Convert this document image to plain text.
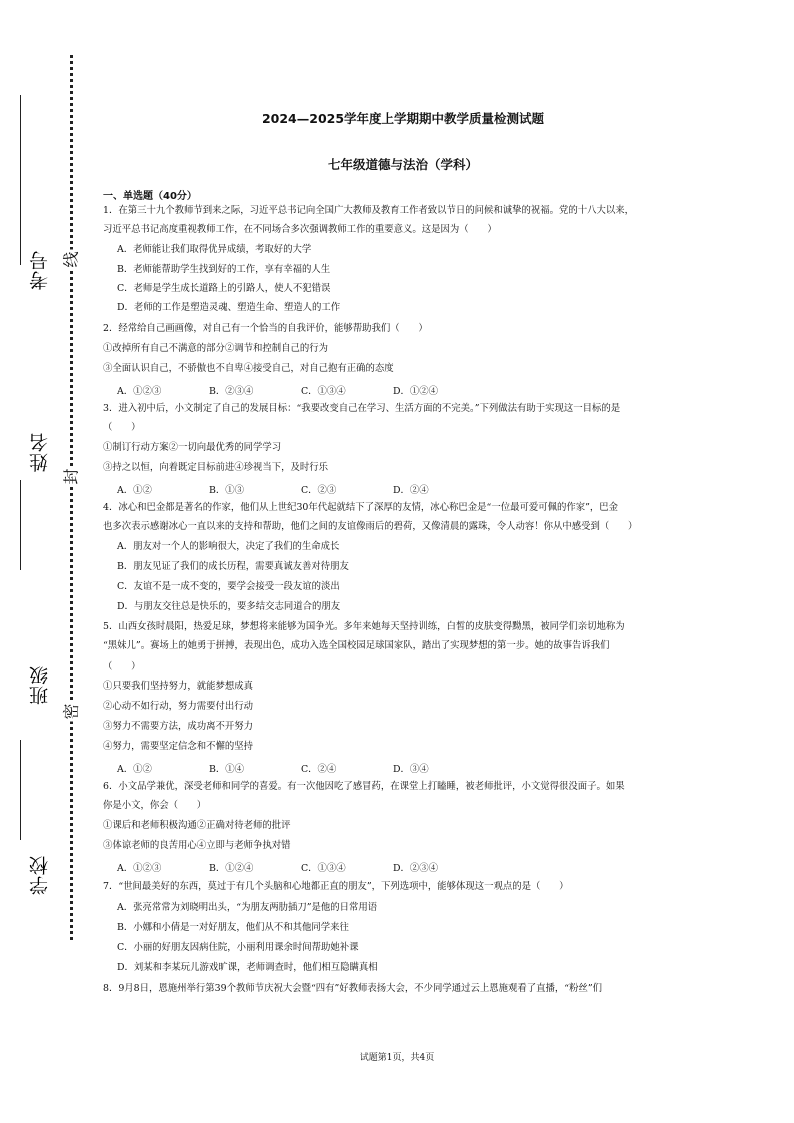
考号
姓名
班级
学校
线
封
密
2024—2025学年度上学期期中教学质量检测试题
七年级道德与法治（学科）
一、单选题（40分）
1．在第三十九个教师节到来之际，习近平总书记向全国广大教师及教育工作者致以节日的问候和诚挚的祝福。党的十八大以来，
习近平总书记高度重视教师工作，在不同场合多次强调教师工作的重要意义。这是因为（　　）
A．老师能让我们取得优异成绩，考取好的大学
B．老师能帮助学生找到好的工作，享有幸福的人生
C．老师是学生成长道路上的引路人，使人不犯错误
D．老师的工作是塑造灵魂、塑造生命、塑造人的工作
2．经常给自己画画像，对自己有一个恰当的自我评价，能够帮助我们（　　）
①改掉所有自己不满意的部分②调节和控制自己的行为
③全面认识自己，不骄傲也不自卑④接受自己，对自己抱有正确的态度
A．①②③	B．②③④	C．①③④	D．①②④
3．进入初中后，小文制定了自己的发展目标：“我要改变自己在学习、生活方面的不完美。”下列做法有助于实现这一目标的是
（　　）
①制订行动方案②一切向最优秀的同学学习
③持之以恒，向着既定目标前进④珍视当下，及时行乐
A．①②	B．①③	C．②③	D．②④
4．冰心和巴金都是著名的作家，他们从上世纪30年代起就结下了深厚的友情，冰心称巴金是“一位最可爱可佩的作家”，巴金
也多次表示感谢冰心一直以来的支持和帮助，他们之间的友谊像雨后的碧荷，又像清晨的露珠，令人动容！你从中感受到（　　）
A．朋友对一个人的影响很大，决定了我们的生命成长
B．朋友见证了我们的成长历程，需要真诚友善对待朋友
C．友谊不是一成不变的，要学会接受一段友谊的淡出
D．与朋友交往总是快乐的，要多结交志同道合的朋友
5．山西女孩时晨阳，热爱足球，梦想将来能够为国争光。多年来她每天坚持训练，白皙的皮肤变得黝黑，被同学们亲切地称为
“黑妹儿”。赛场上的她勇于拼搏，表现出色，成功入选全国校园足球国家队，踏出了实现梦想的第一步。她的故事告诉我们
（　　）
①只要我们坚持努力，就能梦想成真
②心动不如行动，努力需要付出行动
③努力不需要方法，成功离不开努力
④努力，需要坚定信念和不懈的坚持
A．①②	B．①④	C．②④	D．③④
6．小文品学兼优，深受老师和同学的喜爱。有一次他因吃了感冒药，在课堂上打瞌睡，被老师批评，小文觉得很没面子。如果
你是小文，你会（　　）
①课后和老师积极沟通②正确对待老师的批评
③体谅老师的良苦用心④立即与老师争执对错
A．①②③	B．①②④	C．①③④	D．②③④
7．“世间最美好的东西，莫过于有几个头脑和心地都正直的朋友”，下列选项中，能够体现这一观点的是（　　）
A．张亮常常为刘晓明出头，“为朋友两肋插刀”是他的日常用语
B．小娜和小倩是一对好朋友，他们从不和其他同学来往
C．小丽的好朋友因病住院，小丽利用课余时间帮助她补课
D．刘某和李某玩儿游戏旷课，老师调查时，他们相互隐瞒真相
8．9月8日，恩施州举行第39个教师节庆祝大会暨“四有”好教师表扬大会，不少同学通过云上恩施观看了直播，“粉丝”们
试题第1页，共4页
